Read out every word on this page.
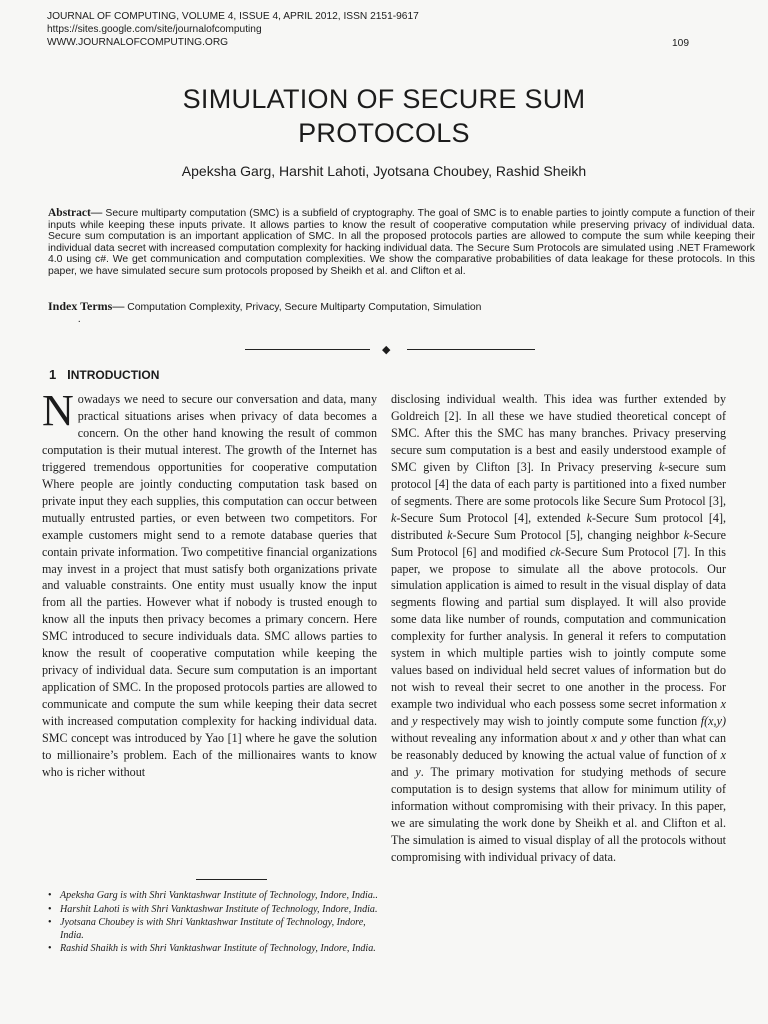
JOURNAL OF COMPUTING, VOLUME 4, ISSUE 4, APRIL 2012, ISSN 2151-9617
https://sites.google.com/site/journalofcomputing
WWW.JOURNALOFCOMPUTING.ORG	109
SIMULATION OF SECURE SUM
PROTOCOLS
Apeksha Garg, Harshit Lahoti, Jyotsana Choubey, Rashid Sheikh
Abstract— Secure multiparty computation (SMC) is a subfield of cryptography. The goal of SMC is to enable parties to jointly compute a function of their inputs while keeping these inputs private. It allows parties to know the result of cooperative computation while preserving privacy of individual data. Secure sum computation is an important application of SMC. In all the proposed protocols parties are allowed to compute the sum while keeping their individual data secret with increased computation complexity for hacking individual data. The Secure Sum Protocols are simulated using .NET Framework 4.0 using c#. We get communication and computation complexities. We show the comparative probabilities of data leakage for these protocols. In this paper, we have simulated secure sum protocols proposed by Sheikh et al. and Clifton et al.
Index Terms— Computation Complexity, Privacy, Secure Multiparty Computation, Simulation
.
◆
1 INTRODUCTION
Nowadays we need to secure our conversation and data, many practical situations arises when privacy of data becomes a concern. On the other hand knowing the result of common computation is their mutual interest. The growth of the Internet has triggered tremendous opportunities for cooperative computation Where people are jointly conducting computation task based on private input they each supplies, this computation can occur between mutually entrusted parties, or even between two competitors. For example customers might send to a remote database queries that contain private information. Two competitive financial organizations may invest in a project that must satisfy both organizations private and valuable constraints. One entity must usually know the input from all the parties. However what if nobody is trusted enough to know all the inputs then privacy becomes a primary concern. Here SMC introduced to secure individuals data. SMC allows parties to know the result of cooperative computation while keeping the privacy of individual data. Secure sum computation is an important application of SMC. In the proposed protocols parties are allowed to communicate and compute the sum while keeping their data secret with increased computation complexity for hacking individual data. SMC concept was introduced by Yao [1] where he gave the solution to millionaire’s problem. Each of the millionaires wants to know who is richer without
disclosing individual wealth. This idea was further extended by Goldreich [2]. In all these we have studied theoretical concept of SMC. After this the SMC has many branches. Privacy preserving secure sum computation is a best and easily understood example of SMC given by Clifton [3]. In Privacy preserving k-secure sum protocol [4] the data of each party is partitioned into a fixed number of segments. There are some protocols like Secure Sum Protocol [3], k-Secure Sum Protocol [4], extended k-Secure Sum protocol [4], distributed k-Secure Sum Protocol [5], changing neighbor k-Secure Sum Protocol [6] and modified ck-Secure Sum Protocol [7]. In this paper, we propose to simulate all the above protocols. Our simulation application is aimed to result in the visual display of data segments flowing and partial sum displayed. It will also provide some data like number of rounds, computation and communication complexity for further analysis. In general it refers to computation system in which multiple parties wish to jointly compute some values based on individual held secret values of information but do not wish to reveal their secret to one another in the process. For example two individual who each possess some secret information x and y respectively may wish to jointly compute some function f(x,y) without revealing any information about x and y other than what can be reasonably deduced by knowing the actual value of function of x and y. The primary motivation for studying methods of secure computation is to design systems that allow for minimum utility of information without compromising with their privacy. In this paper, we are simulating the work done by Sheikh et al. and Clifton et al. The simulation is aimed to visual display of all the protocols without compromising with individual privacy of data.
• Apeksha Garg is with Shri Vanktashwar Institute of Technology, Indore, India..
• Harshit Lahoti is with Shri Vanktashwar Institute of Technology, Indore, India.
• Jyotsana Choubey is with Shri Vanktashwar Institute of Technology, Indore, India.
• Rashid Shaikh is with Shri Vanktashwar Institute of Technology, Indore, India.
